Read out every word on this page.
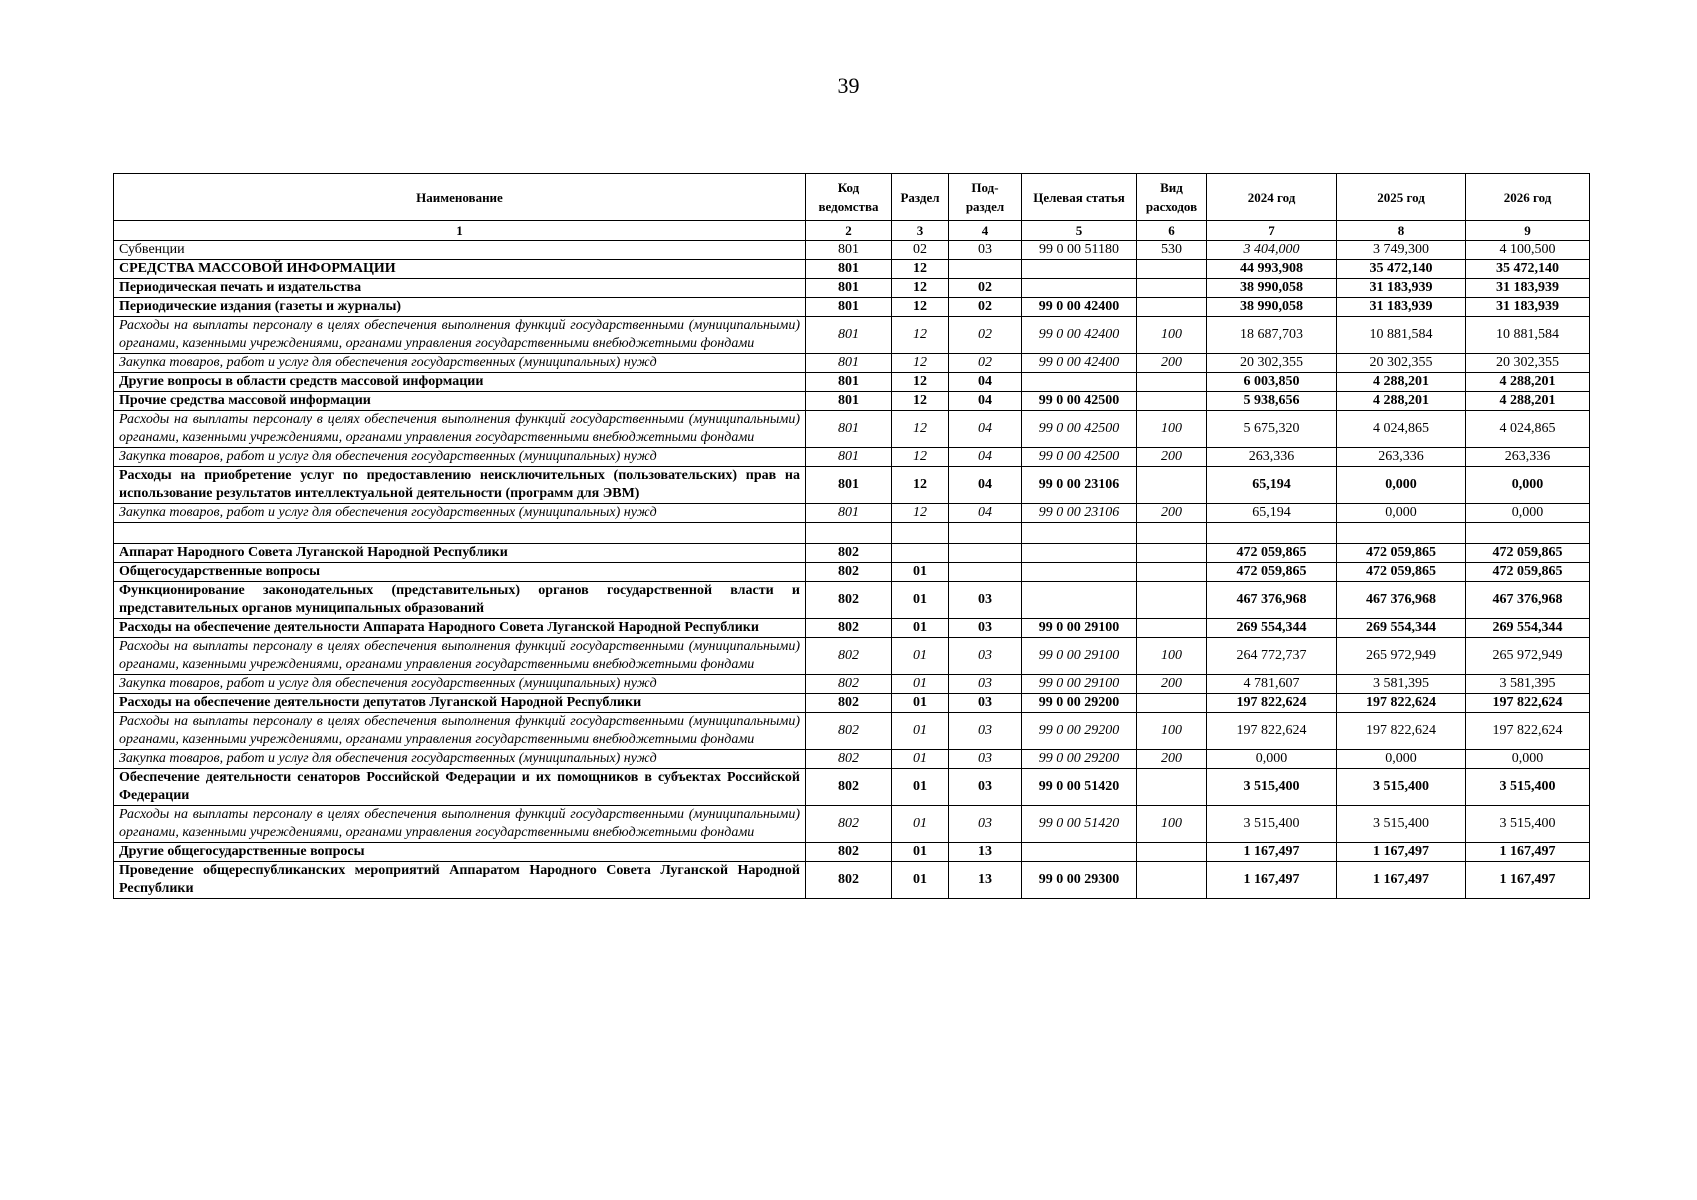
39
Наименование	Код ведомства	Раздел	Под-раздел	Целевая статья	Вид расходов	2024 год	2025 год	2026 год
1	2	3	4	5	6	7	8	9
Субвенции	801	02	03	99 0 00 51180	530	3 404,000	3 749,300	4 100,500
СРЕДСТВА МАССОВОЙ ИНФОРМАЦИИ	801	12				44 993,908	35 472,140	35 472,140
Периодическая печать и издательства	801	12	02			38 990,058	31 183,939	31 183,939
Периодические издания (газеты и журналы)	801	12	02	99 0 00 42400		38 990,058	31 183,939	31 183,939
Расходы на выплаты персоналу в целях обеспечения выполнения функций государственными (муниципальными) органами, казенными учреждениями, органами управления государственными внебюджетными фондами	801	12	02	99 0 00 42400	100	18 687,703	10 881,584	10 881,584
Закупка товаров, работ и услуг для обеспечения государственных (муниципальных) нужд	801	12	02	99 0 00 42400	200	20 302,355	20 302,355	20 302,355
Другие вопросы в области средств массовой информации	801	12	04			6 003,850	4 288,201	4 288,201
Прочие средства массовой информации	801	12	04	99 0 00 42500		5 938,656	4 288,201	4 288,201
Расходы на выплаты персоналу в целях обеспечения выполнения функций государственными (муниципальными) органами, казенными учреждениями, органами управления государственными внебюджетными фондами	801	12	04	99 0 00 42500	100	5 675,320	4 024,865	4 024,865
Закупка товаров, работ и услуг для обеспечения государственных (муниципальных) нужд	801	12	04	99 0 00 42500	200	263,336	263,336	263,336
Расходы на приобретение услуг по предоставлению неисключительных (пользовательских) прав на использование результатов интеллектуальной деятельности (программ для ЭВМ)	801	12	04	99 0 00 23106		65,194	0,000	0,000
Закупка товаров, работ и услуг для обеспечения государственных (муниципальных) нужд	801	12	04	99 0 00 23106	200	65,194	0,000	0,000

Аппарат Народного Совета Луганской Народной Республики	802					472 059,865	472 059,865	472 059,865
Общегосударственные вопросы	802	01				472 059,865	472 059,865	472 059,865
Функционирование законодательных (представительных) органов государственной власти и представительных органов муниципальных образований	802	01	03			467 376,968	467 376,968	467 376,968
Расходы на обеспечение деятельности Аппарата Народного Совета Луганской Народной Республики	802	01	03	99 0 00 29100		269 554,344	269 554,344	269 554,344
Расходы на выплаты персоналу в целях обеспечения выполнения функций государственными (муниципальными) органами, казенными учреждениями, органами управления государственными внебюджетными фондами	802	01	03	99 0 00 29100	100	264 772,737	265 972,949	265 972,949
Закупка товаров, работ и услуг для обеспечения государственных (муниципальных) нужд	802	01	03	99 0 00 29100	200	4 781,607	3 581,395	3 581,395
Расходы на обеспечение деятельности депутатов Луганской Народной Республики	802	01	03	99 0 00 29200		197 822,624	197 822,624	197 822,624
Расходы на выплаты персоналу в целях обеспечения выполнения функций государственными (муниципальными) органами, казенными учреждениями, органами управления государственными внебюджетными фондами	802	01	03	99 0 00 29200	100	197 822,624	197 822,624	197 822,624
Закупка товаров, работ и услуг для обеспечения государственных (муниципальных) нужд	802	01	03	99 0 00 29200	200	0,000	0,000	0,000
Обеспечение деятельности сенаторов Российской Федерации и их помощников в субъектах Российской Федерации	802	01	03	99 0 00 51420		3 515,400	3 515,400	3 515,400
Расходы на выплаты персоналу в целях обеспечения выполнения функций государственными (муниципальными) органами, казенными учреждениями, органами управления государственными внебюджетными фондами	802	01	03	99 0 00 51420	100	3 515,400	3 515,400	3 515,400
Другие общегосударственные вопросы	802	01	13			1 167,497	1 167,497	1 167,497
Проведение общереспубликанских мероприятий Аппаратом Народного Совета Луганской Народной Республики	802	01	13	99 0 00 29300		1 167,497	1 167,497	1 167,497
